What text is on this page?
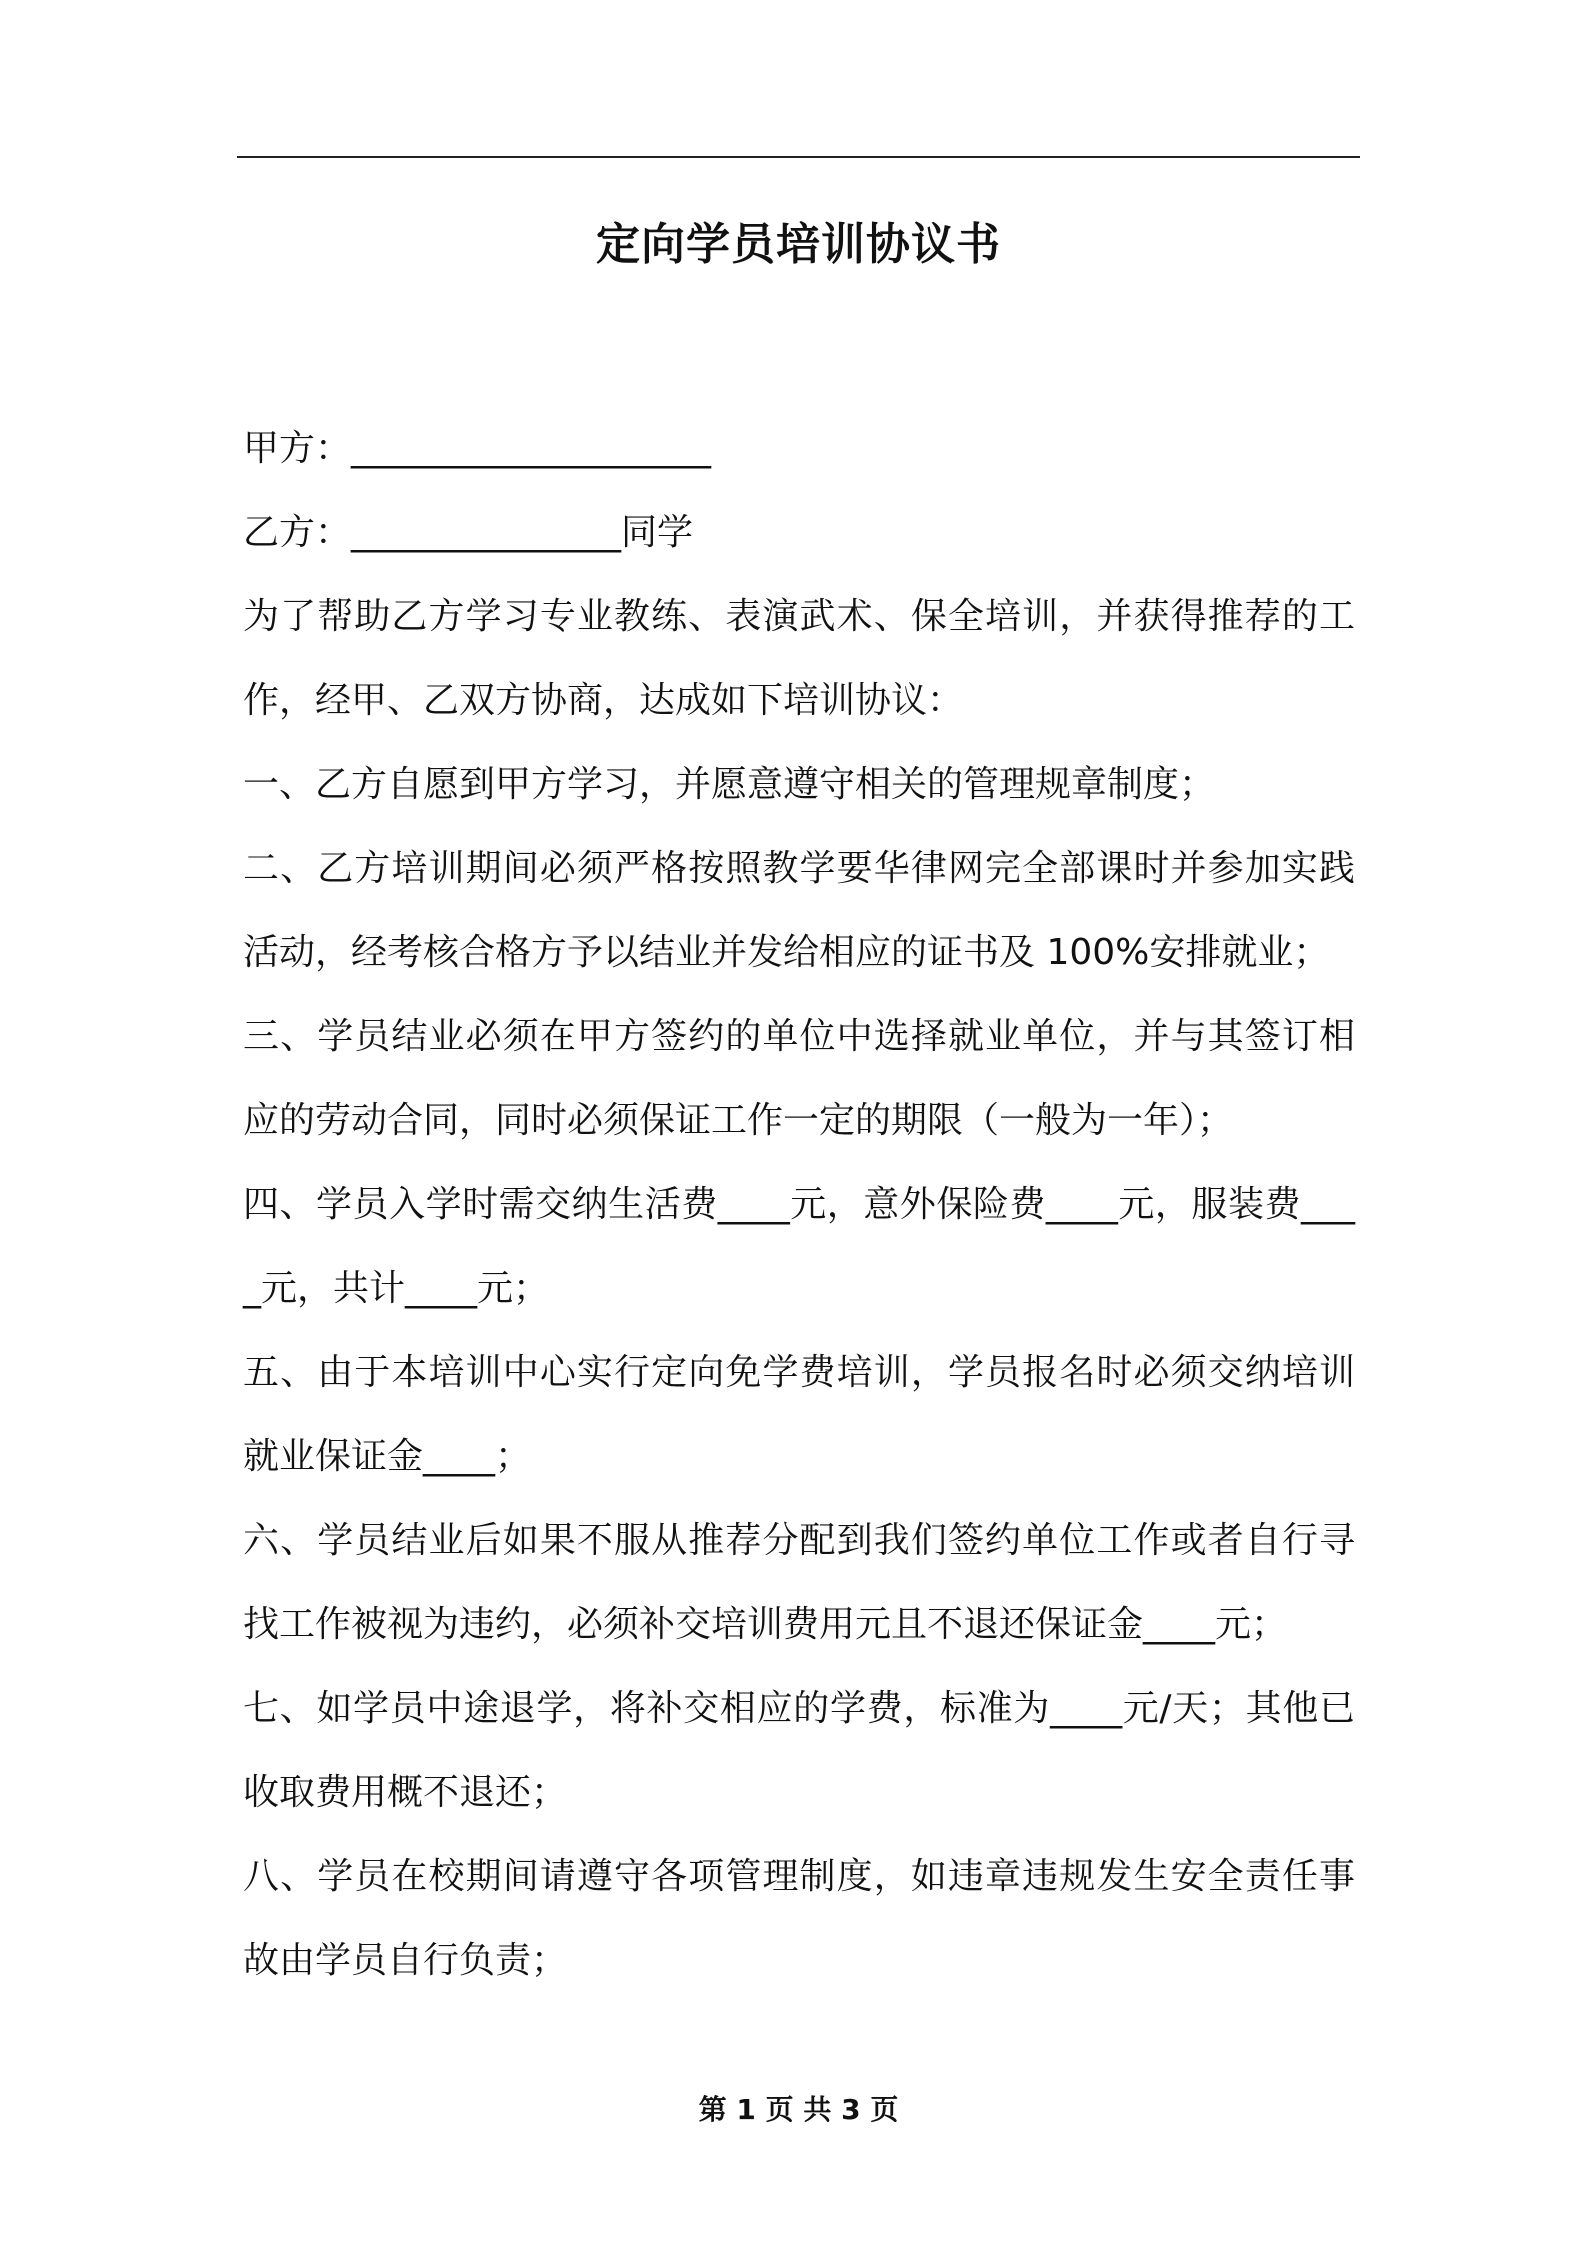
定向学员培训协议书

甲方：____________________

乙方：_______________同学

为了帮助乙方学习专业教练、表演武术、保全培训，并获得推荐的工作，经甲、乙双方协商，达成如下培训协议：

一、乙方自愿到甲方学习，并愿意遵守相关的管理规章制度；

二、乙方培训期间必须严格按照教学要华律网完全部课时并参加实践活动，经考核合格方予以结业并发给相应的证书及 100%安排就业；

三、学员结业必须在甲方签约的单位中选择就业单位，并与其签订相应的劳动合同，同时必须保证工作一定的期限（一般为一年）；

四、学员入学时需交纳生活费____元，意外保险费____元，服装费____元，共计____元；

五、由于本培训中心实行定向免学费培训，学员报名时必须交纳培训就业保证金____；

六、学员结业后如果不服从推荐分配到我们签约单位工作或者自行寻找工作被视为违约，必须补交培训费用元且不退还保证金____元；

七、如学员中途退学，将补交相应的学费，标准为____元/天；其他已收取费用概不退还；

八、学员在校期间请遵守各项管理制度，如违章违规发生安全责任事故由学员自行负责；

第 1 页 共 3 页
